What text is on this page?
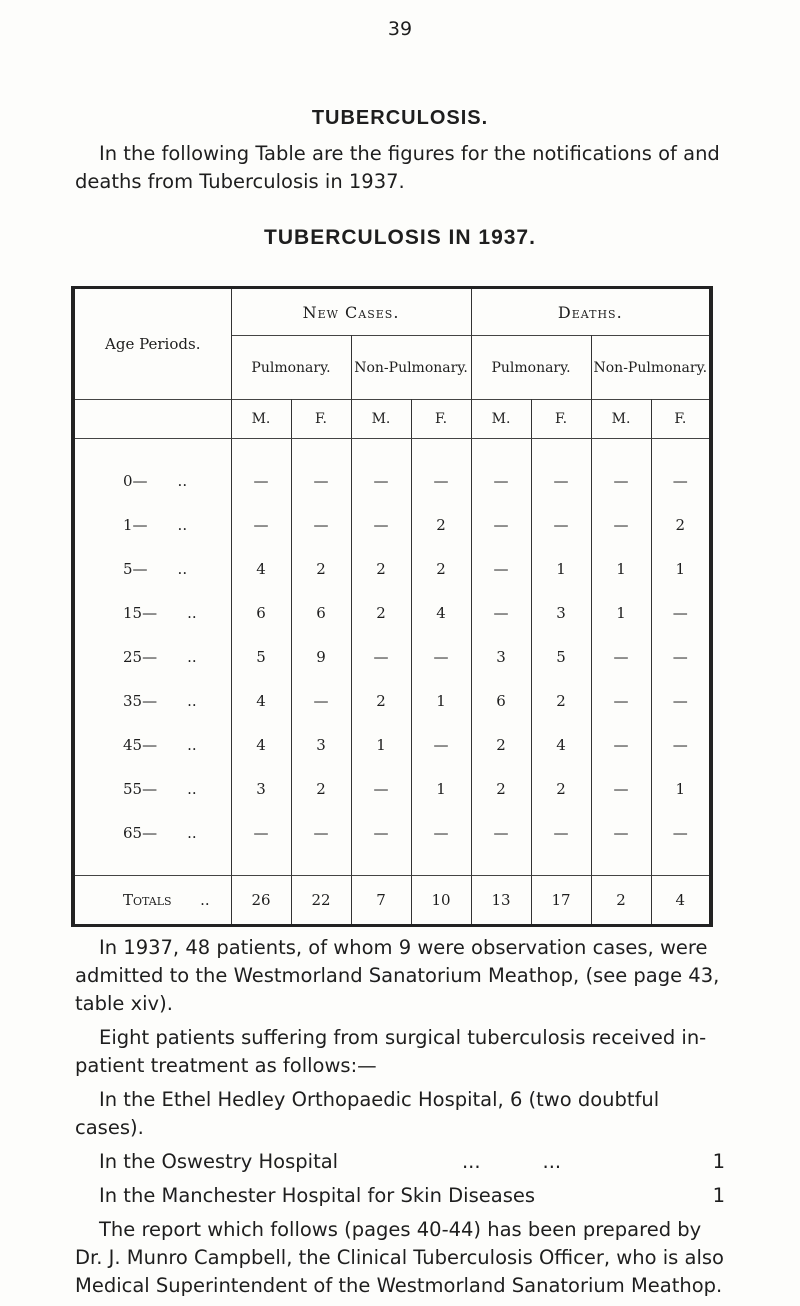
39
TUBERCULOSIS.
In the following Table are the figures for the notifications of and deaths from Tuberculosis in 1937.
TUBERCULOSIS IN 1937.
Age Periods.	New Cases.				Deaths.			
	Pulmonary.		Non-Pulmonary.		Pulmonary.		Non-Pulmonary.	
	M.	F.	M.	F.	M.	F.	M.	F.

0— ..	—	—	—	—	—	—	—	—
1— ..	—	—	—	2	—	—	—	2
5— ..	4	2	2	2	—	1	1	1
15— ..	6	6	2	4	—	3	1	—
25— ..	5	9	—	—	3	5	—	—
35— ..	4	—	2	1	6	2	—	—
45— ..	4	3	1	—	2	4	—	—
55— ..	3	2	—	1	2	2	—	1
65— ..	—	—	—	—	—	—	—	—

Totals ..	26	22	7	10	13	17	2	4

In 1937, 48 patients, of whom 9 were observation cases, were admitted to the Westmorland Sanatorium Meathop, (see page 43, table xiv).

Eight patients suffering from surgical tuberculosis received in-patient treatment as follows:—

In the Ethel Hedley Orthopaedic Hospital, 6 (two doubtful cases).

In the Oswestry Hospital	...          ...	1
In the Manchester Hospital for Skin Diseases	1

The report which follows (pages 40-44) has been prepared by Dr. J. Munro Campbell, the Clinical Tuberculosis Officer, who is also Medical Superintendent of the Westmorland Sanatorium Meathop.
